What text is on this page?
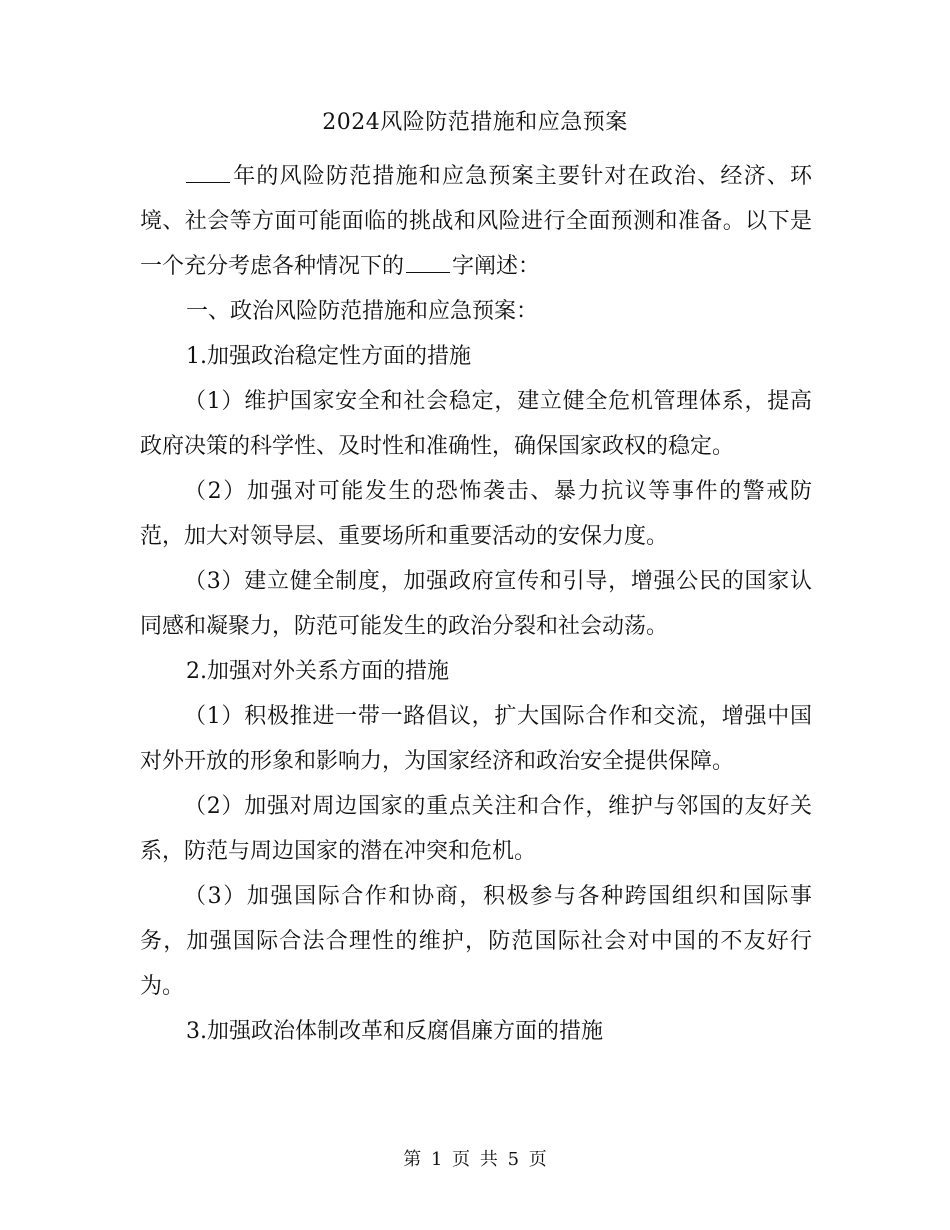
2024风险防范措施和应急预案

年的风险防范措施和应急预案主要针对在政治、经济、环境、社会等方面可能面临的挑战和风险进行全面预测和准备。以下是一个充分考虑各种情况下的 字阐述：

一、政治风险防范措施和应急预案：

1.加强政治稳定性方面的措施

（1）维护国家安全和社会稳定，建立健全危机管理体系，提高政府决策的科学性、及时性和准确性，确保国家政权的稳定。

（2）加强对可能发生的恐怖袭击、暴力抗议等事件的警戒防范，加大对领导层、重要场所和重要活动的安保力度。

（3）建立健全制度，加强政府宣传和引导，增强公民的国家认同感和凝聚力，防范可能发生的政治分裂和社会动荡。

2.加强对外关系方面的措施

（1）积极推进一带一路倡议，扩大国际合作和交流，增强中国对外开放的形象和影响力，为国家经济和政治安全提供保障。

（2）加强对周边国家的重点关注和合作，维护与邻国的友好关系，防范与周边国家的潜在冲突和危机。

（3）加强国际合作和协商，积极参与各种跨国组织和国际事务，加强国际合法合理性的维护，防范国际社会对中国的不友好行为。

3.加强政治体制改革和反腐倡廉方面的措施

第 1 页 共 5 页
